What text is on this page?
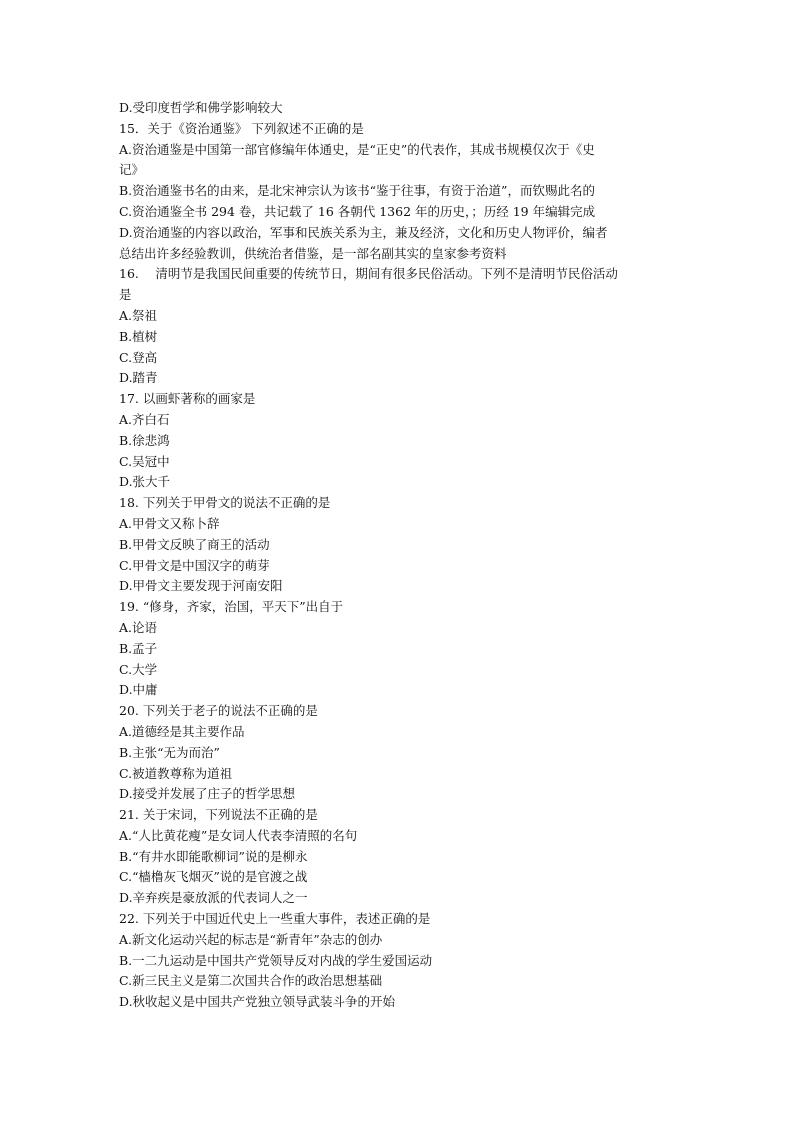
D.受印度哲学和佛学影响较大
15．关于《资治通鉴》 下列叙述不正确的是
A.资治通鉴是中国第一部官修编年体通史，是“正史”的代表作，其成书规模仅次于《史
记》
B.资治通鉴书名的由来，是北宋神宗认为该书“鉴于往事，有资于治道”，而钦赐此名的
C.资治通鉴全书 294 卷，共记载了 16 各朝代 1362 年的历史，；历经 19 年编辑完成
D.资治通鉴的内容以政治，军事和民族关系为主，兼及经济，文化和历史人物评价，编者
总结出许多经验教训，供统治者借鉴，是一部名副其实的皇家参考资料
16.　 清明节是我国民间重要的传统节日，期间有很多民俗活动。下列不是清明节民俗活动
是
A.祭祖
B.植树
C.登高
D.踏青
17. 以画虾著称的画家是
A.齐白石
B.徐悲鸿
C.吴冠中
D.张大千
18. 下列关于甲骨文的说法不正确的是
A.甲骨文又称卜辞
B.甲骨文反映了商王的活动
C.甲骨文是中国汉字的萌芽
D.甲骨文主要发现于河南安阳
19. “修身，齐家，治国，平天下”出自于
A.论语
B.孟子
C.大学
D.中庸
20. 下列关于老子的说法不正确的是
A.道德经是其主要作品
B.主张“无为而治”
C.被道教尊称为道祖
D.接受并发展了庄子的哲学思想
21. 关于宋词，下列说法不正确的是
A.“人比黄花瘦”是女词人代表李清照的名句
B.“有井水即能歌柳词”说的是柳永
C.“樯橹灰飞烟灭”说的是官渡之战
D.辛弃疾是豪放派的代表词人之一
22. 下列关于中国近代史上一些重大事件，表述正确的是
A.新文化运动兴起的标志是“新青年”杂志的创办
B.一二九运动是中国共产党领导反对内战的学生爱国运动
C.新三民主义是第二次国共合作的政治思想基础
D.秋收起义是中国共产党独立领导武装斗争的开始
